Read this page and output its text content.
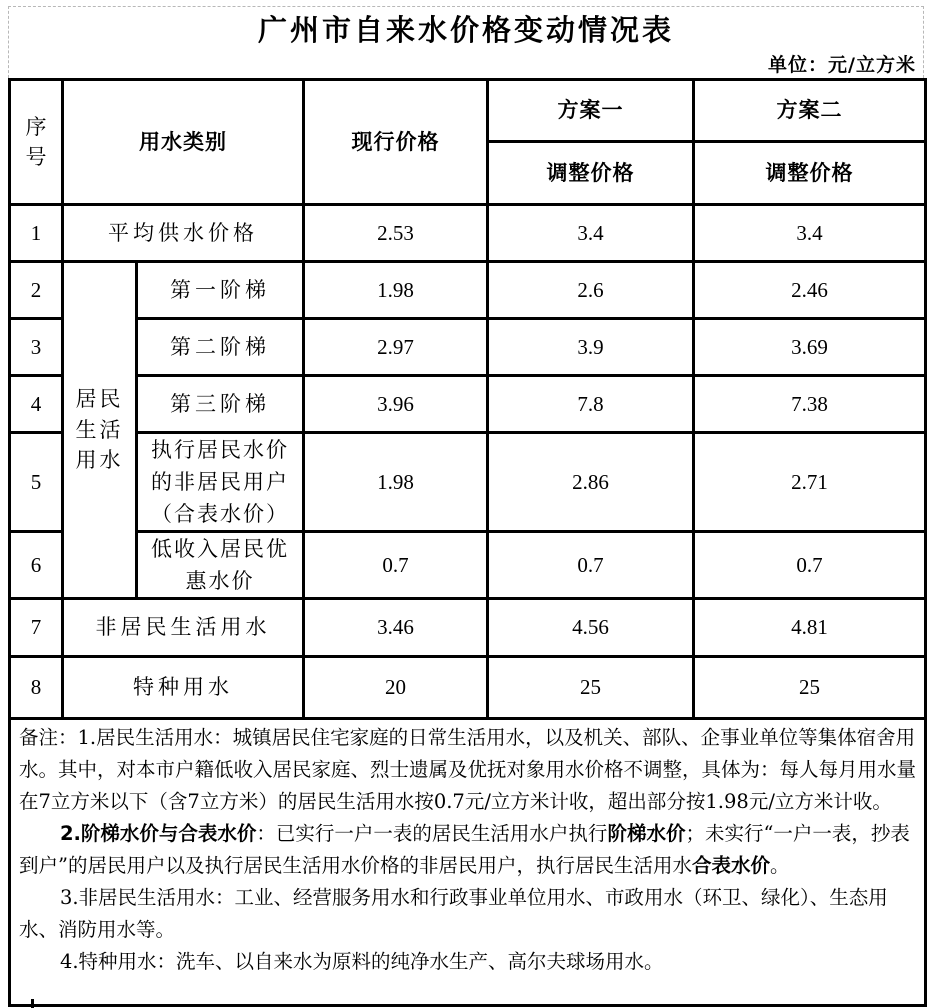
广州市自来水价格变动情况表
单位：元/立方米
序
号	用水类别		现行价格	方案一	方案二
				调整价格	调整价格
1	平均供水价格		2.53	3.4	3.4
2	居民
生活
用水	第一阶梯	1.98	2.6	2.46
3		第二阶梯	2.97	3.9	3.69
4		第三阶梯	3.96	7.8	7.38
5		执行居民水价
的非居民用户
（合表水价）	1.98	2.86	2.71
6		低收入居民优
惠水价	0.7	0.7	0.7
7	非居民生活用水		3.46	4.56	4.81
8	特种用水		20	25	25

备注：1.居民生活用水：城镇居民住宅家庭的日常生活用水，以及机关、部队、企事业单位等集体宿舍用水。其中，对本市户籍低收入居民家庭、烈士遗属及优抚对象用水价格不调整，具体为：每人每月用水量在7立方米以下（含7立方米）的居民生活用水按0.7元/立方米计收，超出部分按1.98元/立方米计收。

2.阶梯水价与合表水价：已实行一户一表的居民生活用水户执行阶梯水价；未实行“一户一表，抄表到户”的居民用户以及执行居民生活用水价格的非居民用户，执行居民生活用水合表水价。

3.非居民生活用水：工业、经营服务用水和行政事业单位用水、市政用水（环卫、绿化）、生态用水、消防用水等。

4.特种用水：洗车、以自来水为原料的纯净水生产、高尔夫球场用水。					
